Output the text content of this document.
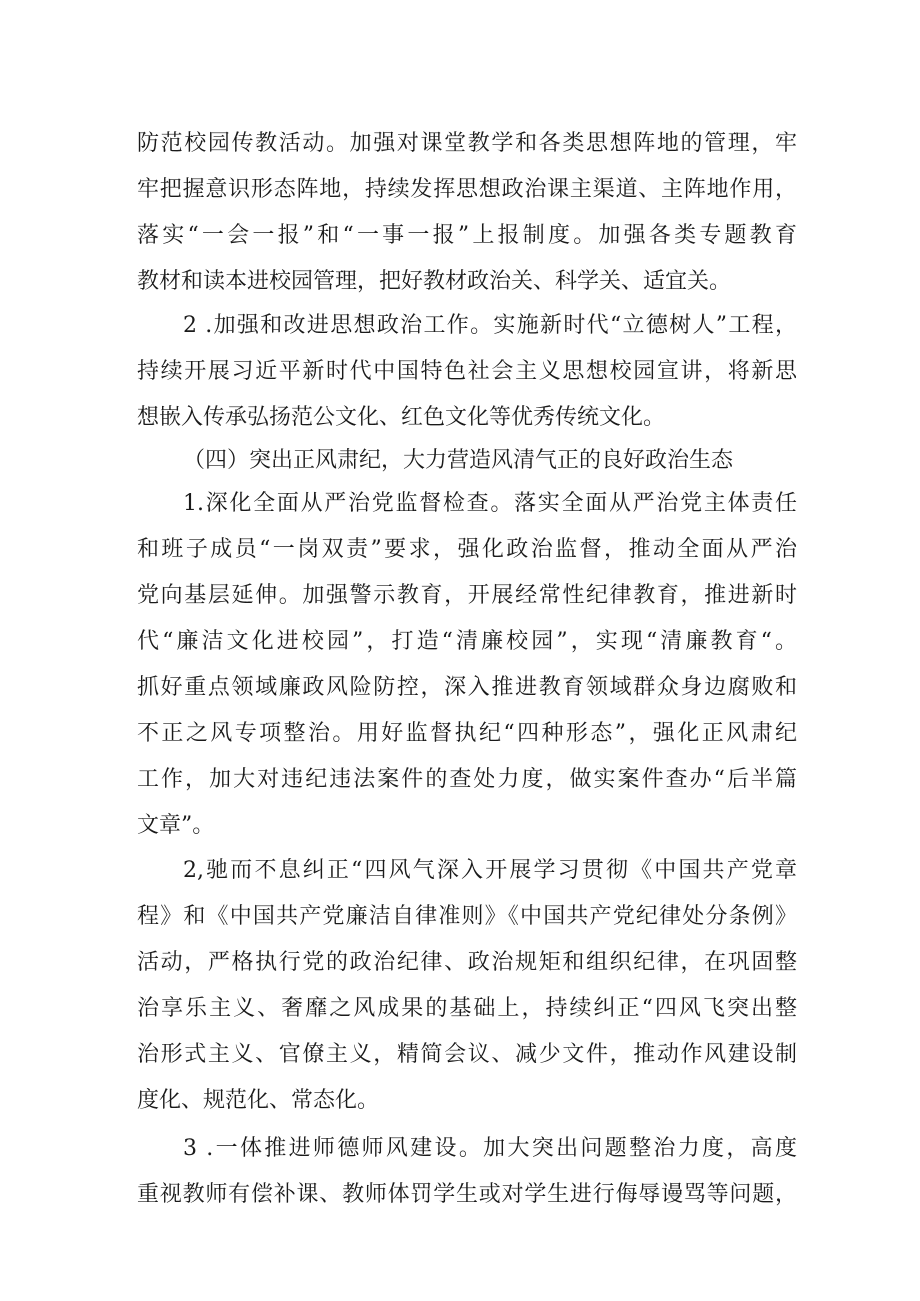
防范校园传教活动。加强对课堂教学和各类思想阵地的管理，牢
牢把握意识形态阵地，持续发挥思想政治课主渠道、主阵地作用，
落实“一会一报”和“一事一报”上报制度。加强各类专题教育
教材和读本进校园管理，把好教材政治关、科学关、适宜关。
2 .加强和改进思想政治工作。实施新时代“立德树人”工程，
持续开展习近平新时代中国特色社会主义思想校园宣讲，将新思
想嵌入传承弘扬范公文化、红色文化等优秀传统文化。
（四）突出正风肃纪，大力营造风清气正的良好政治生态
1.深化全面从严治党监督检查。落实全面从严治党主体责任
和班子成员“一岗双责”要求，强化政治监督，推动全面从严治
党向基层延伸。加强警示教育，开展经常性纪律教育，推进新时
代“廉洁文化进校园”，打造“清廉校园”，实现“清廉教育“。
抓好重点领域廉政风险防控，深入推进教育领域群众身边腐败和
不正之风专项整治。用好监督执纪“四种形态”，强化正风肃纪
工作，加大对违纪违法案件的查处力度，做实案件查办“后半篇
文章”。
2,驰而不息纠正“四风气深入开展学习贯彻《中国共产党章
程》和《中国共产党廉洁自律准则》《中国共产党纪律处分条例》
活动，严格执行党的政治纪律、政治规矩和组织纪律，在巩固整
治享乐主义、奢靡之风成果的基础上，持续纠正“四风飞突出整
治形式主义、官僚主义，精简会议、减少文件，推动作风建设制
度化、规范化、常态化。
3 .一体推进师德师风建设。加大突出问题整治力度，高度
重视教师有偿补课、教师体罚学生或对学生进行侮辱谩骂等问题，
